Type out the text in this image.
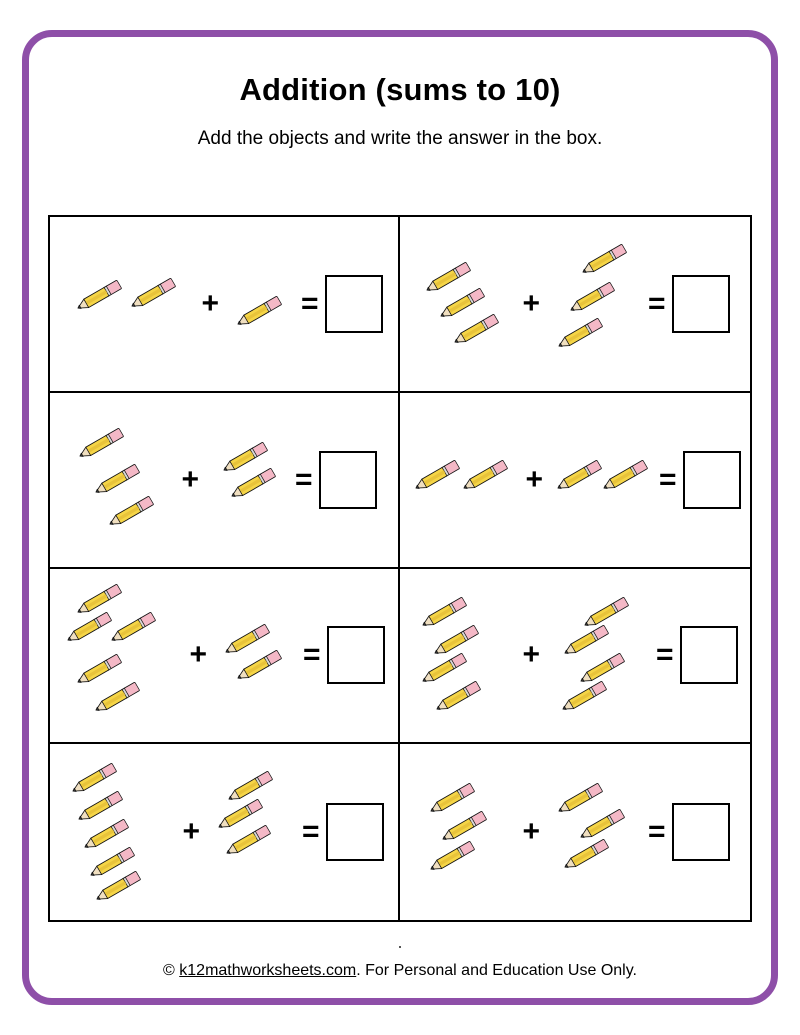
Addition (sums to 10)
Add the objects and write the answer in the box.
+	=	+	=
+	=	+	=
+	=	+	=
+	=	+	=
© k12mathworksheets.com. For Personal and Education Use Only.
